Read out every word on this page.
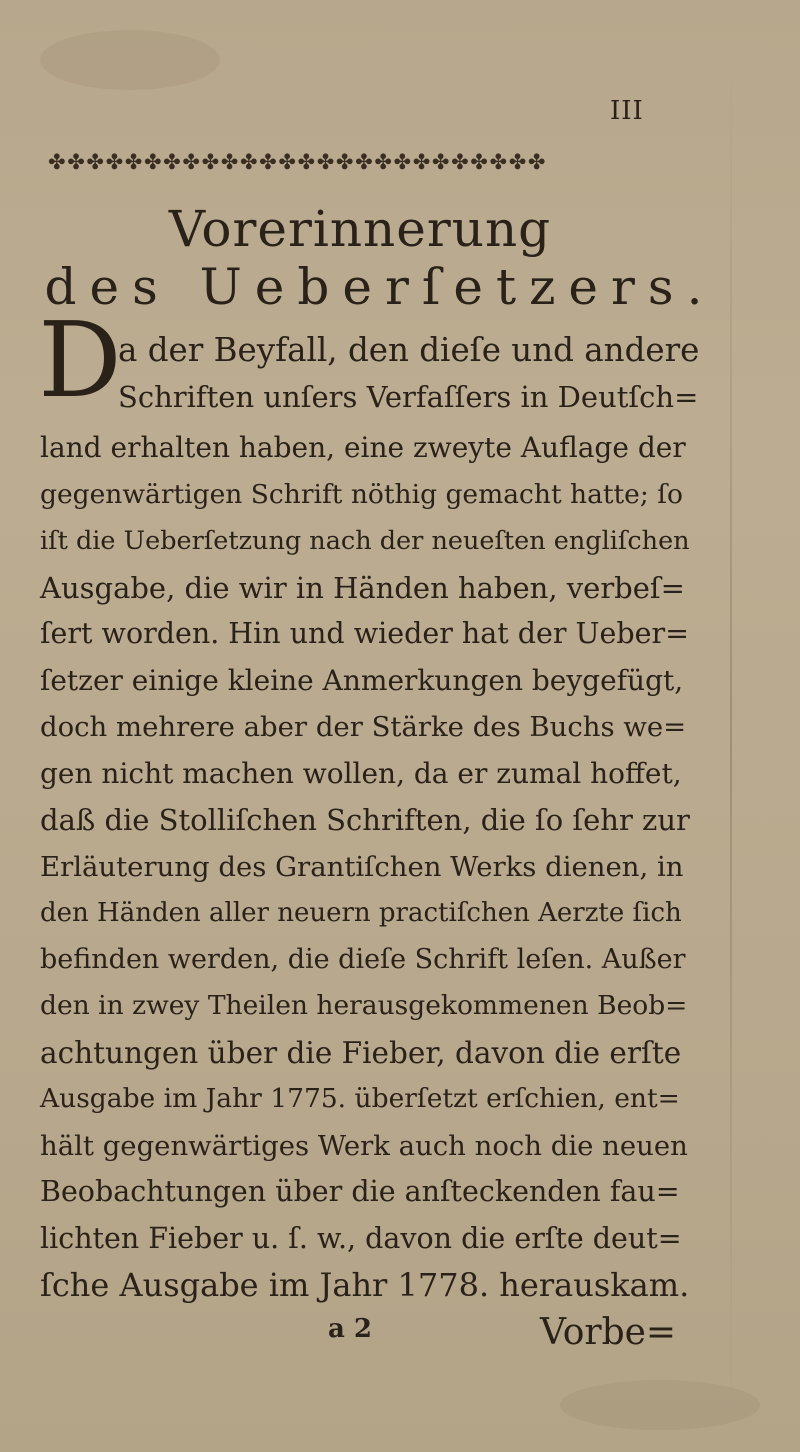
III
✤✤✤✤✤✤✤✤✤✤✤✤✤✤✤✤✤✤✤✤✤✤✤✤✤✤
Vorerinnerung
des Ueberſetzers.
D
a der Beyfall, den dieſe und andere
Schriften unſers Verfaſſers in Deutſch=
land erhalten haben, eine zweyte Auflage der
gegenwärtigen Schrift nöthig gemacht hatte; ſo
iſt die Ueberſetzung nach der neueſten engliſchen
Ausgabe, die wir in Händen haben, verbeſ=
ſert worden. Hin und wieder hat der Ueber=
ſetzer einige kleine Anmerkungen beygefügt,
doch mehrere aber der Stärke des Buchs we=
gen nicht machen wollen, da er zumal hoffet,
daß die Stolliſchen Schriften, die ſo ſehr zur
Erläuterung des Grantiſchen Werks dienen, in
den Händen aller neuern practiſchen Aerzte ſich
befinden werden, die dieſe Schrift leſen. Außer
den in zwey Theilen herausgekommenen Beob=
achtungen über die Fieber, davon die erſte
Ausgabe im Jahr 1775. überſetzt erſchien, ent=
hält gegenwärtiges Werk auch noch die neuen
Beobachtungen über die anſteckenden fau=
a 2	Vorbe=
lichten Fieber u. ſ. w., davon die erſte deut=
ſche Ausgabe im Jahr 1778. herauskam.
